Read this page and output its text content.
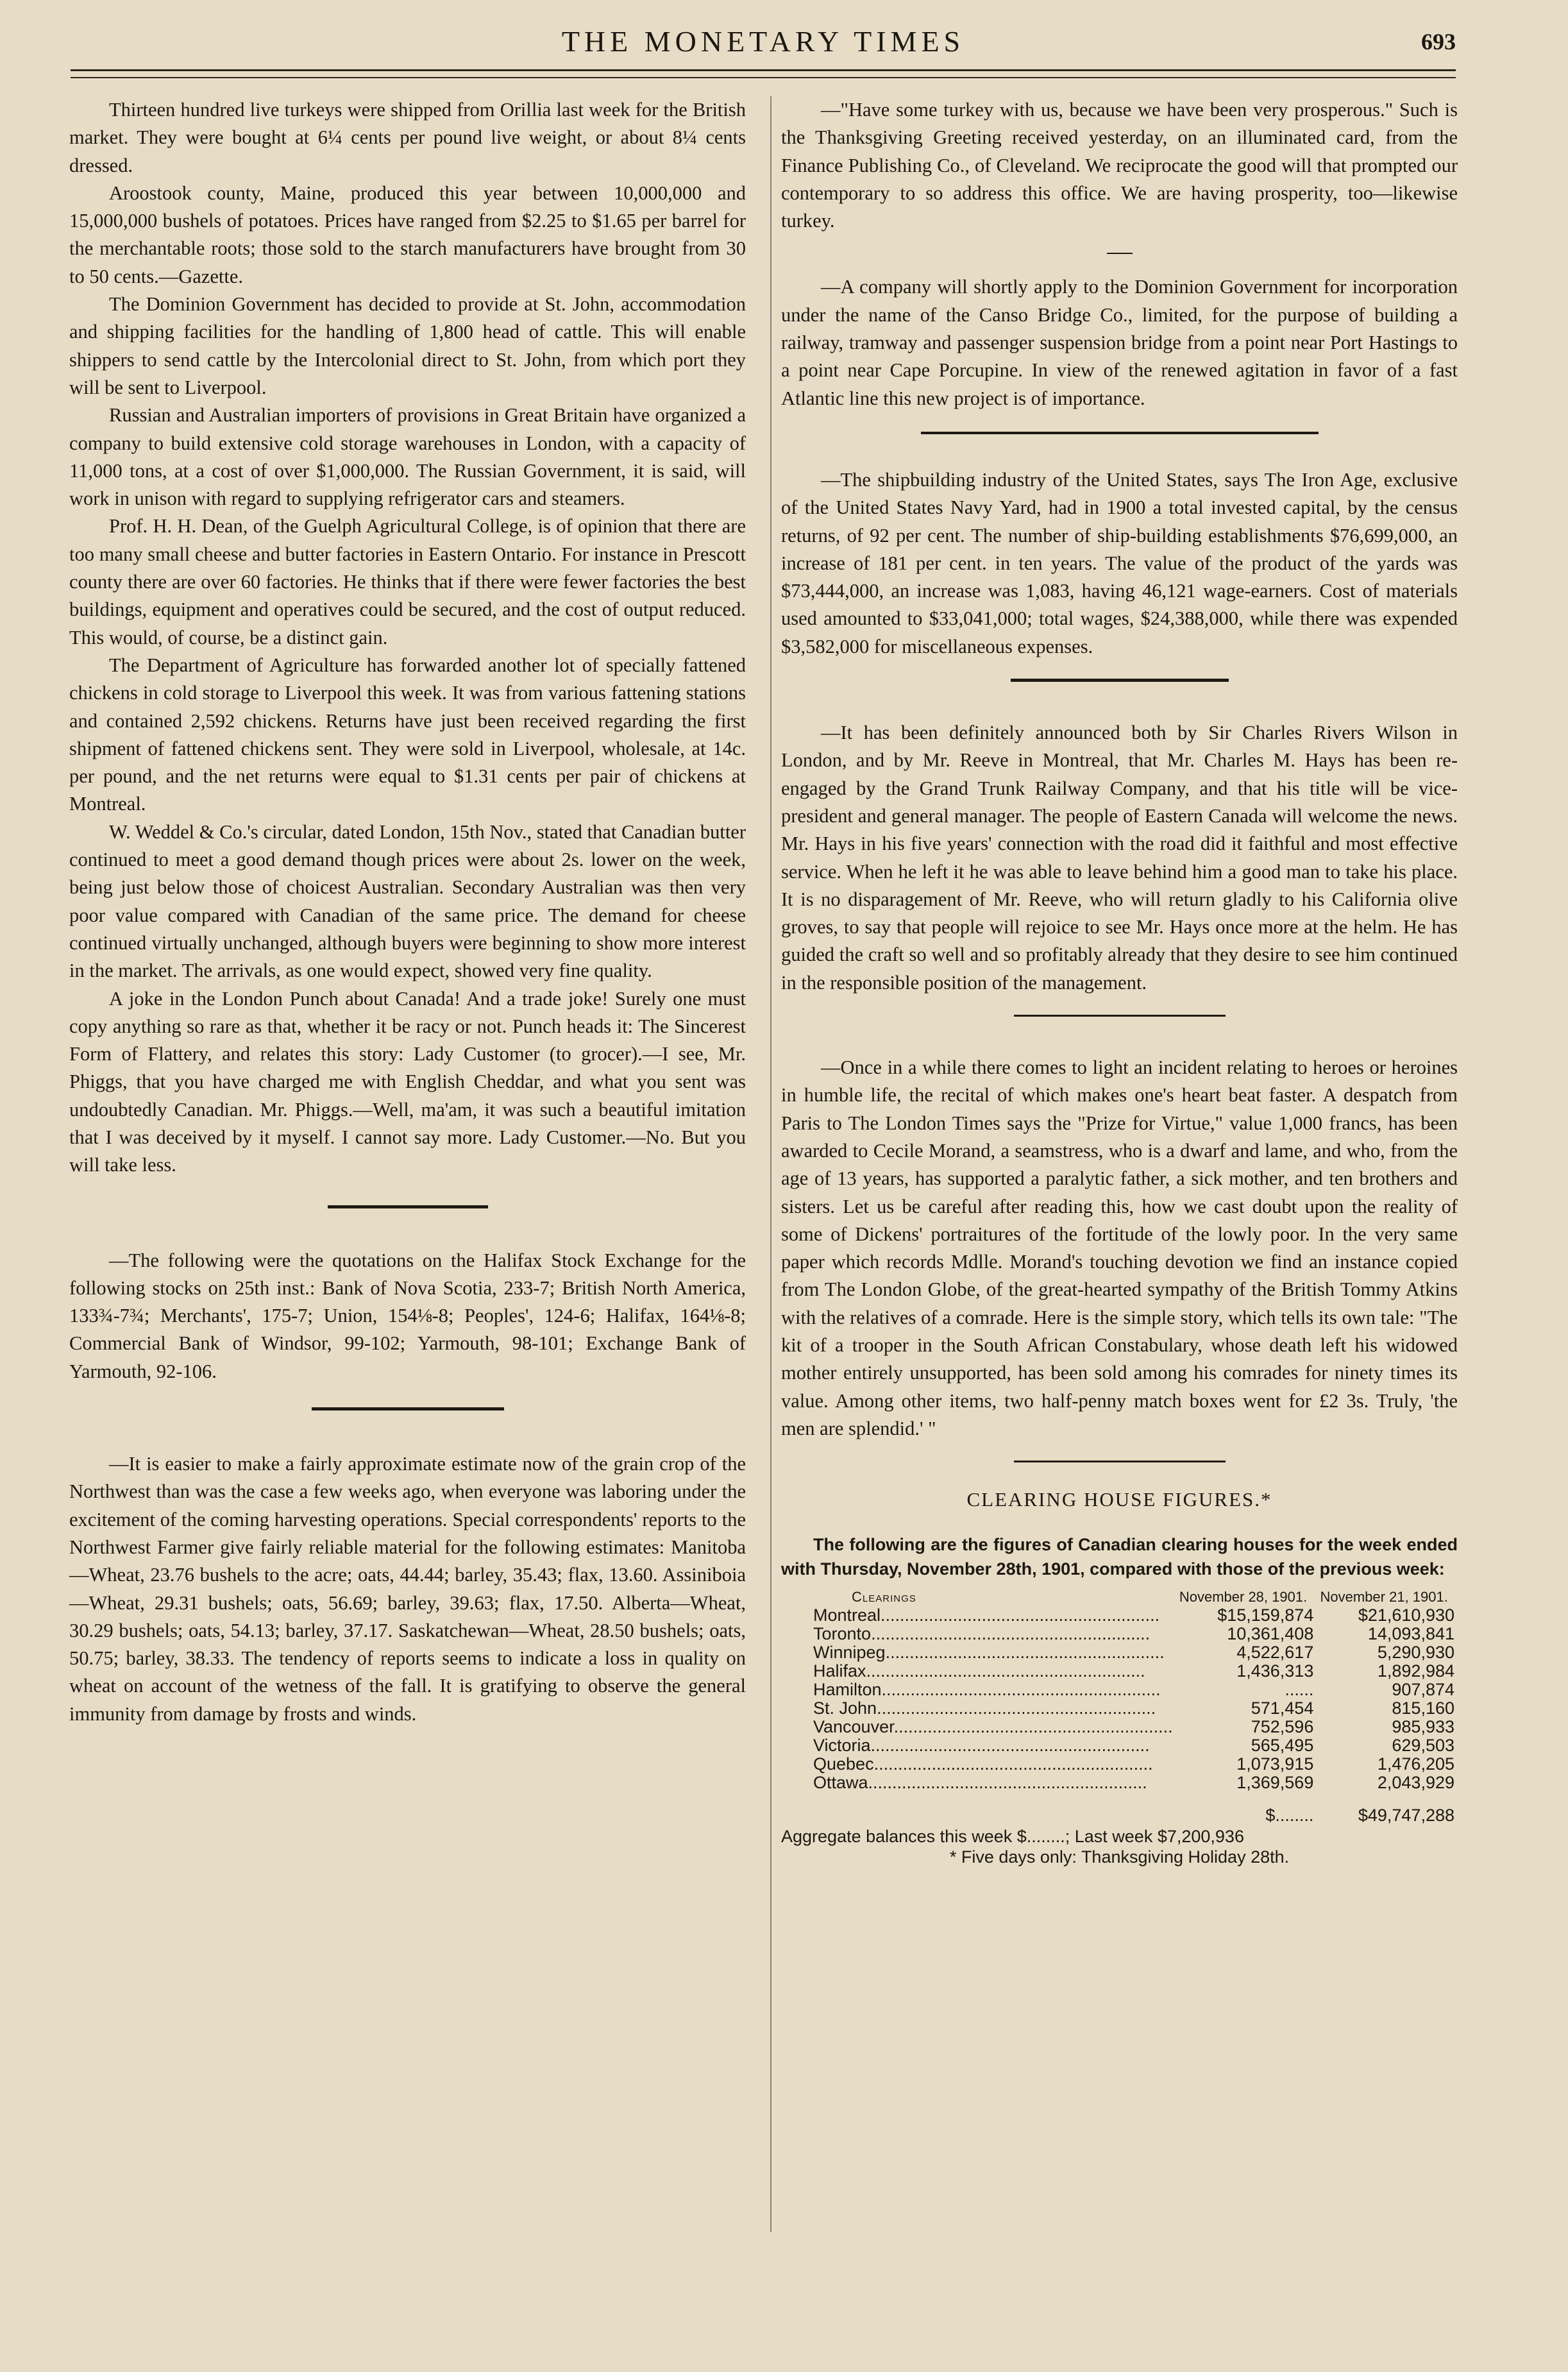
THE MONETARY TIMES	693

Thirteen hundred live turkeys were shipped from Orillia last week for the British market. They were bought at 6¼ cents per pound live weight, or about 8¼ cents dressed.

Aroostook county, Maine, produced this year between 10,000,000 and 15,000,000 bushels of potatoes. Prices have ranged from $2.25 to $1.65 per barrel for the merchantable roots; those sold to the starch manufacturers have brought from 30 to 50 cents.—Gazette.

The Dominion Government has decided to provide at St. John, accommodation and shipping facilities for the handling of 1,800 head of cattle. This will enable shippers to send cattle by the Intercolonial direct to St. John, from which port they will be sent to Liverpool.

Russian and Australian importers of provisions in Great Britain have organized a company to build extensive cold storage warehouses in London, with a capacity of 11,000 tons, at a cost of over $1,000,000. The Russian Government, it is said, will work in unison with regard to supplying refrigerator cars and steamers.

Prof. H. H. Dean, of the Guelph Agricultural College, is of opinion that there are too many small cheese and butter factories in Eastern Ontario. For instance in Prescott county there are over 60 factories. He thinks that if there were fewer factories the best buildings, equipment and operatives could be secured, and the cost of output reduced. This would, of course, be a distinct gain.

The Department of Agriculture has forwarded another lot of specially fattened chickens in cold storage to Liverpool this week. It was from various fattening stations and contained 2,592 chickens. Returns have just been received regarding the first shipment of fattened chickens sent. They were sold in Liverpool, wholesale, at 14c. per pound, and the net returns were equal to $1.31 cents per pair of chickens at Montreal.

W. Weddel & Co.'s circular, dated London, 15th Nov., stated that Canadian butter continued to meet a good demand though prices were about 2s. lower on the week, being just below those of choicest Australian. Secondary Australian was then very poor value compared with Canadian of the same price. The demand for cheese continued virtually unchanged, although buyers were beginning to show more interest in the market. The arrivals, as one would expect, showed very fine quality.

A joke in the London Punch about Canada! And a trade joke! Surely one must copy anything so rare as that, whether it be racy or not. Punch heads it: The Sincerest Form of Flattery, and relates this story: Lady Customer (to grocer).—I see, Mr. Phiggs, that you have charged me with English Cheddar, and what you sent was undoubtedly Canadian. Mr. Phiggs.—Well, ma'am, it was such a beautiful imitation that I was deceived by it myself. I cannot say more. Lady Customer.—No. But you will take less.

—The following were the quotations on the Halifax Stock Exchange for the following stocks on 25th inst.: Bank of Nova Scotia, 233-7; British North America, 133¾-7¾; Merchants', 175-7; Union, 154⅛-8; Peoples', 124-6; Halifax, 164⅛-8; Commercial Bank of Windsor, 99-102; Yarmouth, 98-101; Exchange Bank of Yarmouth, 92-106.

—It is easier to make a fairly approximate estimate now of the grain crop of the Northwest than was the case a few weeks ago, when everyone was laboring under the excitement of the coming harvesting operations. Special correspondents' reports to the Northwest Farmer give fairly reliable material for the following estimates: Manitoba—Wheat, 23.76 bushels to the acre; oats, 44.44; barley, 35.43; flax, 13.60. Assiniboia —Wheat, 29.31 bushels; oats, 56.69; barley, 39.63; flax, 17.50. Alberta—Wheat, 30.29 bushels; oats, 54.13; barley, 37.17. Saskatchewan—Wheat, 28.50 bushels; oats, 50.75; barley, 38.33. The tendency of reports seems to indicate a loss in quality on wheat on account of the wetness of the fall. It is gratifying to observe the general immunity from damage by frosts and winds.

—"Have some turkey with us, because we have been very prosperous." Such is the Thanksgiving Greeting received yesterday, on an illuminated card, from the Finance Publishing Co., of Cleveland. We reciprocate the good will that prompted our contemporary to so address this office. We are having prosperity, too—likewise turkey.

—A company will shortly apply to the Dominion Government for incorporation under the name of the Canso Bridge Co., limited, for the purpose of building a railway, tramway and passenger suspension bridge from a point near Port Hastings to a point near Cape Porcupine. In view of the renewed agitation in favor of a fast Atlantic line this new project is of importance.

—The shipbuilding industry of the United States, says The Iron Age, exclusive of the United States Navy Yard, had in 1900 a total invested capital, by the census returns, of 92 per cent. The number of ship-building establishments $76,699,000, an increase of 181 per cent. in ten years. The value of the product of the yards was $73,444,000, an increase was 1,083, having 46,121 wage-earners. Cost of materials used amounted to $33,041,000; total wages, $24,388,000, while there was expended $3,582,000 for miscellaneous expenses.

—It has been definitely announced both by Sir Charles Rivers Wilson in London, and by Mr. Reeve in Montreal, that Mr. Charles M. Hays has been re-engaged by the Grand Trunk Railway Company, and that his title will be vice-president and general manager. The people of Eastern Canada will welcome the news. Mr. Hays in his five years' connection with the road did it faithful and most effective service. When he left it he was able to leave behind him a good man to take his place. It is no disparagement of Mr. Reeve, who will return gladly to his California olive groves, to say that people will rejoice to see Mr. Hays once more at the helm. He has guided the craft so well and so profitably already that they desire to see him continued in the responsible position of the management.

—Once in a while there comes to light an incident relating to heroes or heroines in humble life, the recital of which makes one's heart beat faster. A despatch from Paris to The London Times says the "Prize for Virtue," value 1,000 francs, has been awarded to Cecile Morand, a seamstress, who is a dwarf and lame, and who, from the age of 13 years, has supported a paralytic father, a sick mother, and ten brothers and sisters. Let us be careful after reading this, how we cast doubt upon the reality of some of Dickens' portraitures of the fortitude of the lowly poor. In the very same paper which records Mdlle. Morand's touching devotion we find an instance copied from The London Globe, of the great-hearted sympathy of the British Tommy Atkins with the relatives of a comrade. Here is the simple story, which tells its own tale: "The kit of a trooper in the South African Constabulary, whose death left his widowed mother entirely unsupported, has been sold among his comrades for ninety times its value. Among other items, two half-penny match boxes went for £2 3s. Truly, 'the men are splendid.' "

CLEARING HOUSE FIGURES.*
The following are the figures of Canadian clearing houses for the week ended with Thursday, November 28th, 1901, compared with those of the previous week:
Clearings	November 28, 1901.	November 21, 1901.
Montreal..........................................................	$15,159,874	$21,610,930
Toronto..........................................................	10,361,408	14,093,841
Winnipeg..........................................................	4,522,617	5,290,930
Halifax..........................................................	1,436,313	1,892,984
Hamilton..........................................................	......	907,874
St. John..........................................................	571,454	815,160
Vancouver..........................................................	752,596	985,933
Victoria..........................................................	565,495	629,503
Quebec..........................................................	1,073,915	1,476,205
Ottawa..........................................................	1,369,569	2,043,929
	$........	$49,747,288
Aggregate balances this week $........; Last week $7,200,936
* Five days only: Thanksgiving Holiday 28th.
